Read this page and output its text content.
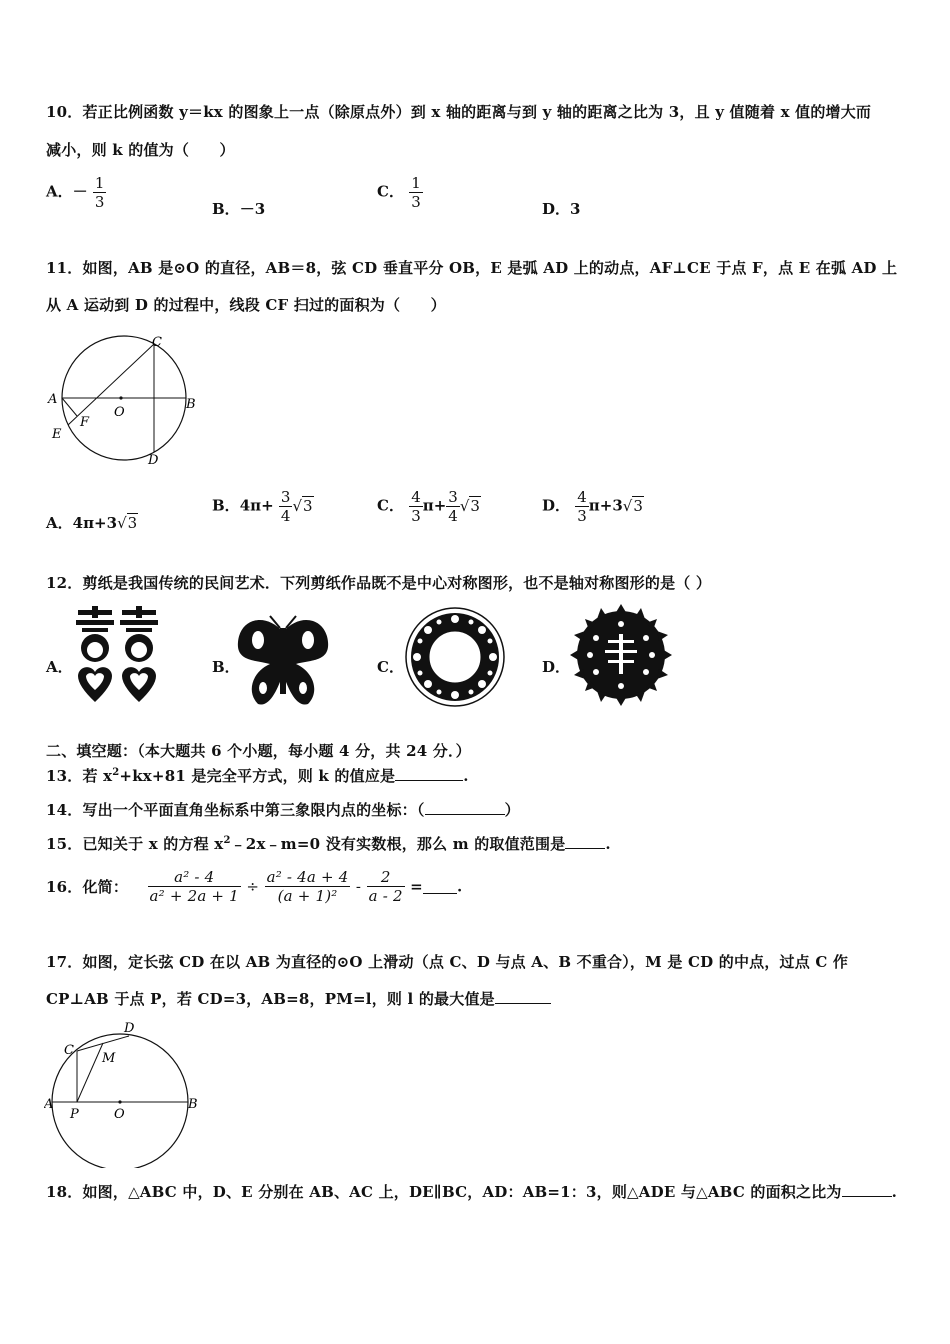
10．若正比例函数 y＝kx 的图象上一点（除原点外）到 x 轴的距离与到 y 轴的距离之比为 3，且 y 值随着 x 值的增大而
减小，则 k 的值为（　　）
A．－ $\frac{1}{3}$	B．－3
C． $\frac{1}{3}$	D．3
11．如图，AB 是⊙O 的直径，AB＝8，弦 CD 垂直平分 OB，E 是弧 AD 上的动点，AF⊥CE 于点 F，点 E 在弧 AD 上
从 A 运动到 D 的过程中，线段 CF 扫过的面积为（　　）
C
A
O
B
F
E
D
A．4π+3√3
B．$4\pi+ \frac{3}{4} √3$	C． $\frac{4}{3} \pi+ \frac{3}{4} √3$	D． $\frac{4}{3} \pi+3√3$
12．剪纸是我国传统的民间艺术．下列剪纸作品既不是中心对称图形，也不是轴对称图形的是（ ）
A．	B．	C．	D．
二、填空题：（本大题共 6 个小题，每小题 4 分，共 24 分．）
13．若 $x^2+kx+81$ 是完全平方式，则 k 的值应是	.
14．写出一个平面直角坐标系中第三象限内点的坐标：（	）
15．已知关于 x 的方程 $x^2﹣2x﹣m=0$ 没有实数根，那么 m 的取值范围是	.
16．化简： $\frac{\text{a² - 4}}{\text{a² + 2a + 1}} \div \frac{\text{a² - 4a + 4}}{\text{(a + 1)²}} - \frac{2}{a - 2}$ = .
17．如图，定长弦 CD 在以 AB 为直径的⊙O 上滑动（点 C、D 与点 A、B 不重合），M 是 CD 的中点，过点 C 作
CP⊥AB 于点 P，若 CD=3，AB=8，PM=l，则 l 的最大值是
C
D
M
A
P	O
B
18．如图，△ABC 中，D、E 分别在 AB、AC 上，DE∥BC，AD：AB=1：3，则△ADE 与△ABC 的面积之比为	.
